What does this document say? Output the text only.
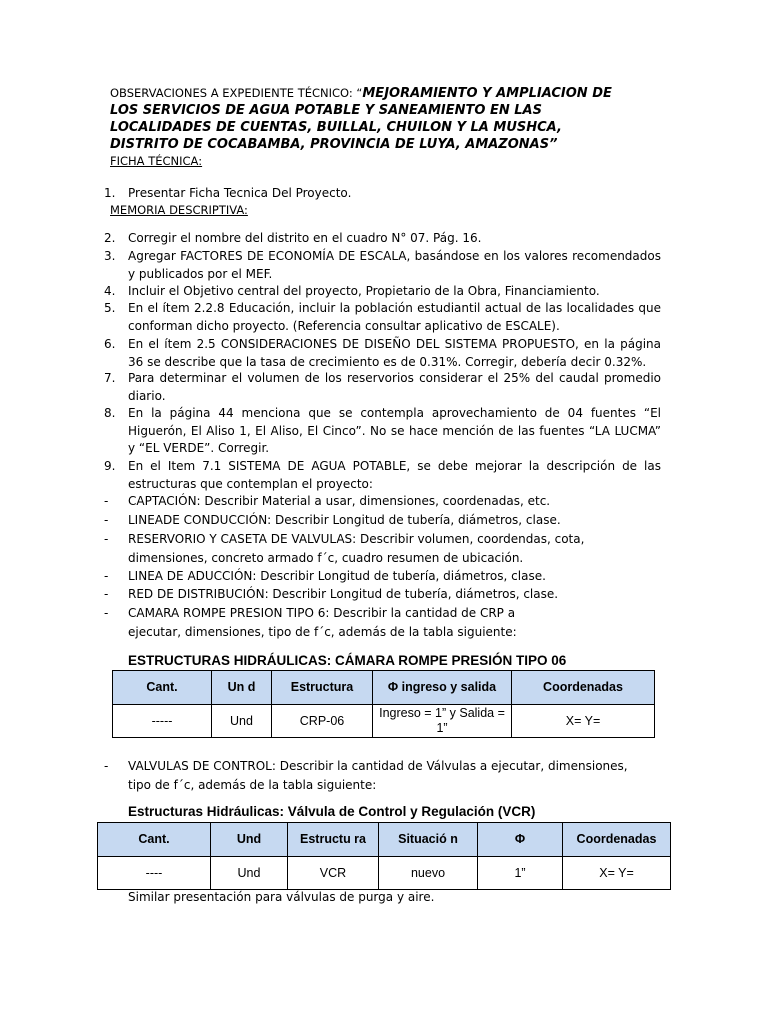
OBSERVACIONES A EXPEDIENTE TÉCNICO: “MEJORAMIENTO Y AMPLIACION DE
LOS SERVICIOS DE AGUA POTABLE Y SANEAMIENTO EN LAS
LOCALIDADES DE CUENTAS, BUILLAL, CHUILON Y LA MUSHCA,
DISTRITO DE COCABAMBA, PROVINCIA DE LUYA, AMAZONAS”
FICHA TÉCNICA:
1. Presentar Ficha Tecnica Del Proyecto.
MEMORIA DESCRIPTIVA:
2. Corregir el nombre del distrito en el cuadro N° 07. Pág. 16.
3. Agregar FACTORES DE ECONOMÍA DE ESCALA, basándose en los valores recomendados y publicados por el MEF.
4. Incluir el Objetivo central del proyecto, Propietario de la Obra, Financiamiento.
5. En el ítem 2.2.8 Educación, incluir la población estudiantil actual de las localidades que conforman dicho proyecto. (Referencia consultar aplicativo de ESCALE).
6. En el ítem 2.5 CONSIDERACIONES DE DISEÑO DEL SISTEMA PROPUESTO, en la página 36 se describe que la tasa de crecimiento es de 0.31%. Corregir, debería decir 0.32%.
7. Para determinar el volumen de los reservorios considerar el 25% del caudal promedio diario.
8. En la página 44 menciona que se contempla aprovechamiento de 04 fuentes “El Higuerón, El Aliso 1, El Aliso, El Cinco”. No se hace mención de las fuentes “LA LUCMA” y “EL VERDE”. Corregir.
9. En el Item 7.1 SISTEMA DE AGUA POTABLE, se debe mejorar la descripción de las estructuras que contemplan el proyecto:
- CAPTACIÓN: Describir Material a usar, dimensiones, coordenadas, etc.
- LINEADE CONDUCCIÓN: Describir Longitud de tubería, diámetros, clase.
- RESERVORIO Y CASETA DE VALVULAS: Describir volumen, coordendas, cota, dimensiones, concreto armado f´c, cuadro resumen de ubicación.
- LINEA DE ADUCCIÓN: Describir Longitud de tubería, diámetros, clase.
- RED DE DISTRIBUCIÓN: Describir Longitud de tubería, diámetros, clase.
- CAMARA ROMPE PRESION TIPO 6: Describir la cantidad de CRP a ejecutar, dimensiones, tipo de f´c, además de la tabla siguiente:
ESTRUCTURAS HIDRÁULICAS: CÁMARA ROMPE PRESIÓN TIPO 06
Cant.	Un d	Estructura	Φ ingreso y salida	Coordenadas
-----	Und	CRP-06	Ingreso = 1” y Salida = 1”	X= Y=
- VALVULAS DE CONTROL: Describir la cantidad de Válvulas a ejecutar, dimensiones, tipo de f´c, además de la tabla siguiente:
Estructuras Hidráulicas: Válvula de Control y Regulación (VCR)
Cant.	Und	Estructu ra	Situació n	Φ	Coordenadas
----	Und	VCR	nuevo	1”	X= Y=
Similar presentación para válvulas de purga y aire.
